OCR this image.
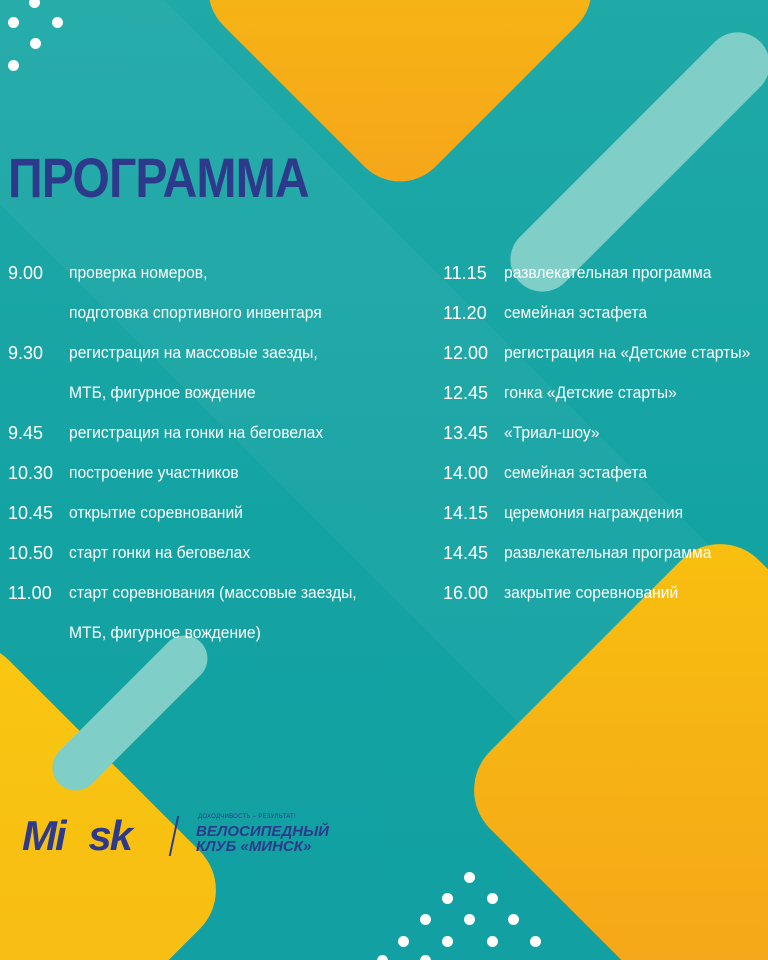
ПРОГРАММА
9.00	проверка номеров,
подготовка спортивного инвентаря
9.30	регистрация на массовые заезды,
МТБ, фигурное вождение
9.45	регистрация на гонки на беговелах
10.30 построение участников
10.45 открытие соревнований
10.50 старт гонки на беговелах
11.00	старт соревнования (массовые заезды,
МТБ, фигурное вождение)
11.15	развлекательная программа
11.20	семейная эстафета
12.00 регистрация на «Детские старты»
12.45 гонка «Детские старты»
13.45 «Триал-шоу»
14.00 семейная эстафета
14.15 церемония награждения
14.45 развлекательная программа
16.00 закрытие соревнований
Minsk	ДОХОДЧИВОСТЬ – РЕЗУЛЬТАТ!
ВЕЛОСИПЕДНЫЙ
КЛУБ «МИНСК»
